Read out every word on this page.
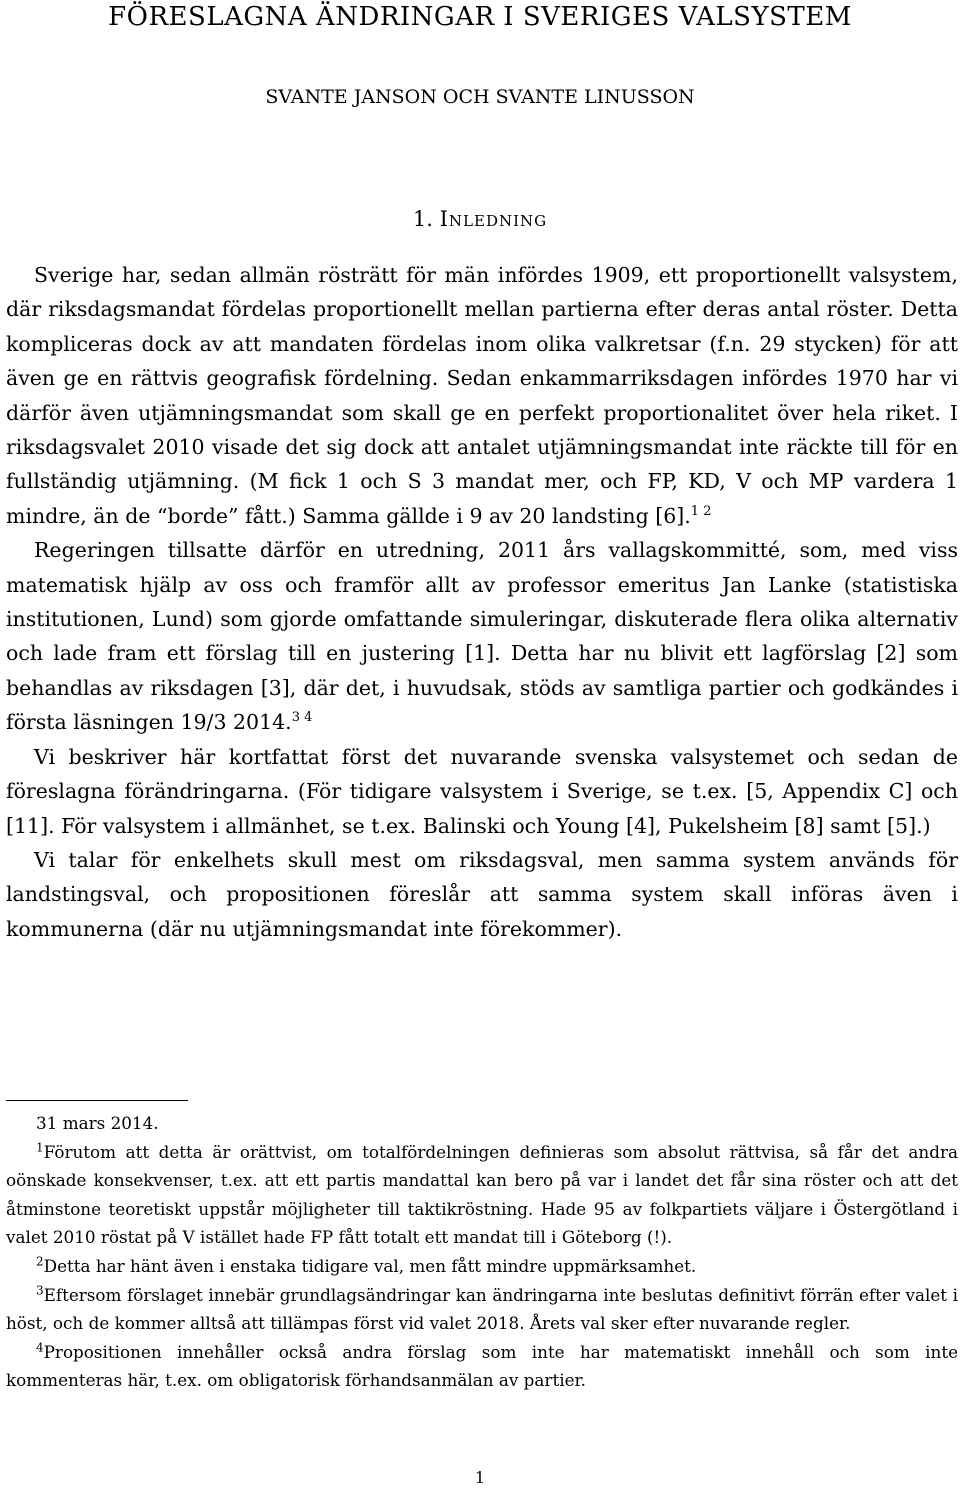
FÖRESLAGNA ÄNDRINGAR I SVERIGES VALSYSTEM
SVANTE JANSON OCH SVANTE LINUSSON
1. Inledning

Sverige har, sedan allmän rösträtt för män infördes 1909, ett proportionellt valsystem, där riksdagsmandat fördelas proportionellt mellan partierna efter deras antal röster. Detta kompliceras dock av att mandaten fördelas inom olika valkretsar (f.n. 29 stycken) för att även ge en rättvis geografisk fördelning. Sedan enkammarriksdagen infördes 1970 har vi därför även utjämningsmandat som skall ge en perfekt proportionalitet över hela riket. I riksdagsvalet 2010 visade det sig dock att antalet utjämningsmandat inte räckte till för en fullständig utjämning. (M fick 1 och S 3 mandat mer, och FP, KD, V och MP vardera 1 mindre, än de “borde” fått.) Samma gällde i 9 av 20 landsting [6].$^{1 2}$

Regeringen tillsatte därför en utredning, 2011 års vallagskommitté, som, med viss matematisk hjälp av oss och framför allt av professor emeritus Jan Lanke (statistiska institutionen, Lund) som gjorde omfattande simuleringar, diskuterade flera olika alternativ och lade fram ett förslag till en justering [1]. Detta har nu blivit ett lagförslag [2] som behandlas av riksdagen [3], där det, i huvudsak, stöds av samtliga partier och godkändes i första läsningen 19/3 2014.$^{3 4}$

Vi beskriver här kortfattat först det nuvarande svenska valsystemet och sedan de föreslagna förändringarna. (För tidigare valsystem i Sverige, se t.ex. [5, Appendix C] och [11]. För valsystem i allmänhet, se t.ex. Balinski och Young [4], Pukelsheim [8] samt [5].)

Vi talar för enkelhets skull mest om riksdagsval, men samma system används för landstingsval, och propositionen föreslår att samma system skall införas även i kommunerna (där nu utjämningsmandat inte förekommer).

31 mars 2014.

$^1$Förutom att detta är orättvist, om totalfördelningen definieras som absolut rättvisa, så får det andra oönskade konsekvenser, t.ex. att ett partis mandattal kan bero på var i landet det får sina röster och att det åtminstone teoretiskt uppstår möjligheter till taktikröstning. Hade 95 av folkpartiets väljare i Östergötland i valet 2010 röstat på V istället hade FP fått totalt ett mandat till i Göteborg (!).

$^2$Detta har hänt även i enstaka tidigare val, men fått mindre uppmärksamhet.

$^3$Eftersom förslaget innebär grundlagsändringar kan ändringarna inte beslutas definitivt förrän efter valet i höst, och de kommer alltså att tillämpas först vid valet 2018. Årets val sker efter nuvarande regler.

$^4$Propositionen innehåller också andra förslag som inte har matematiskt innehåll och som inte kommenteras här, t.ex. om obligatorisk förhandsanmälan av partier.

1
